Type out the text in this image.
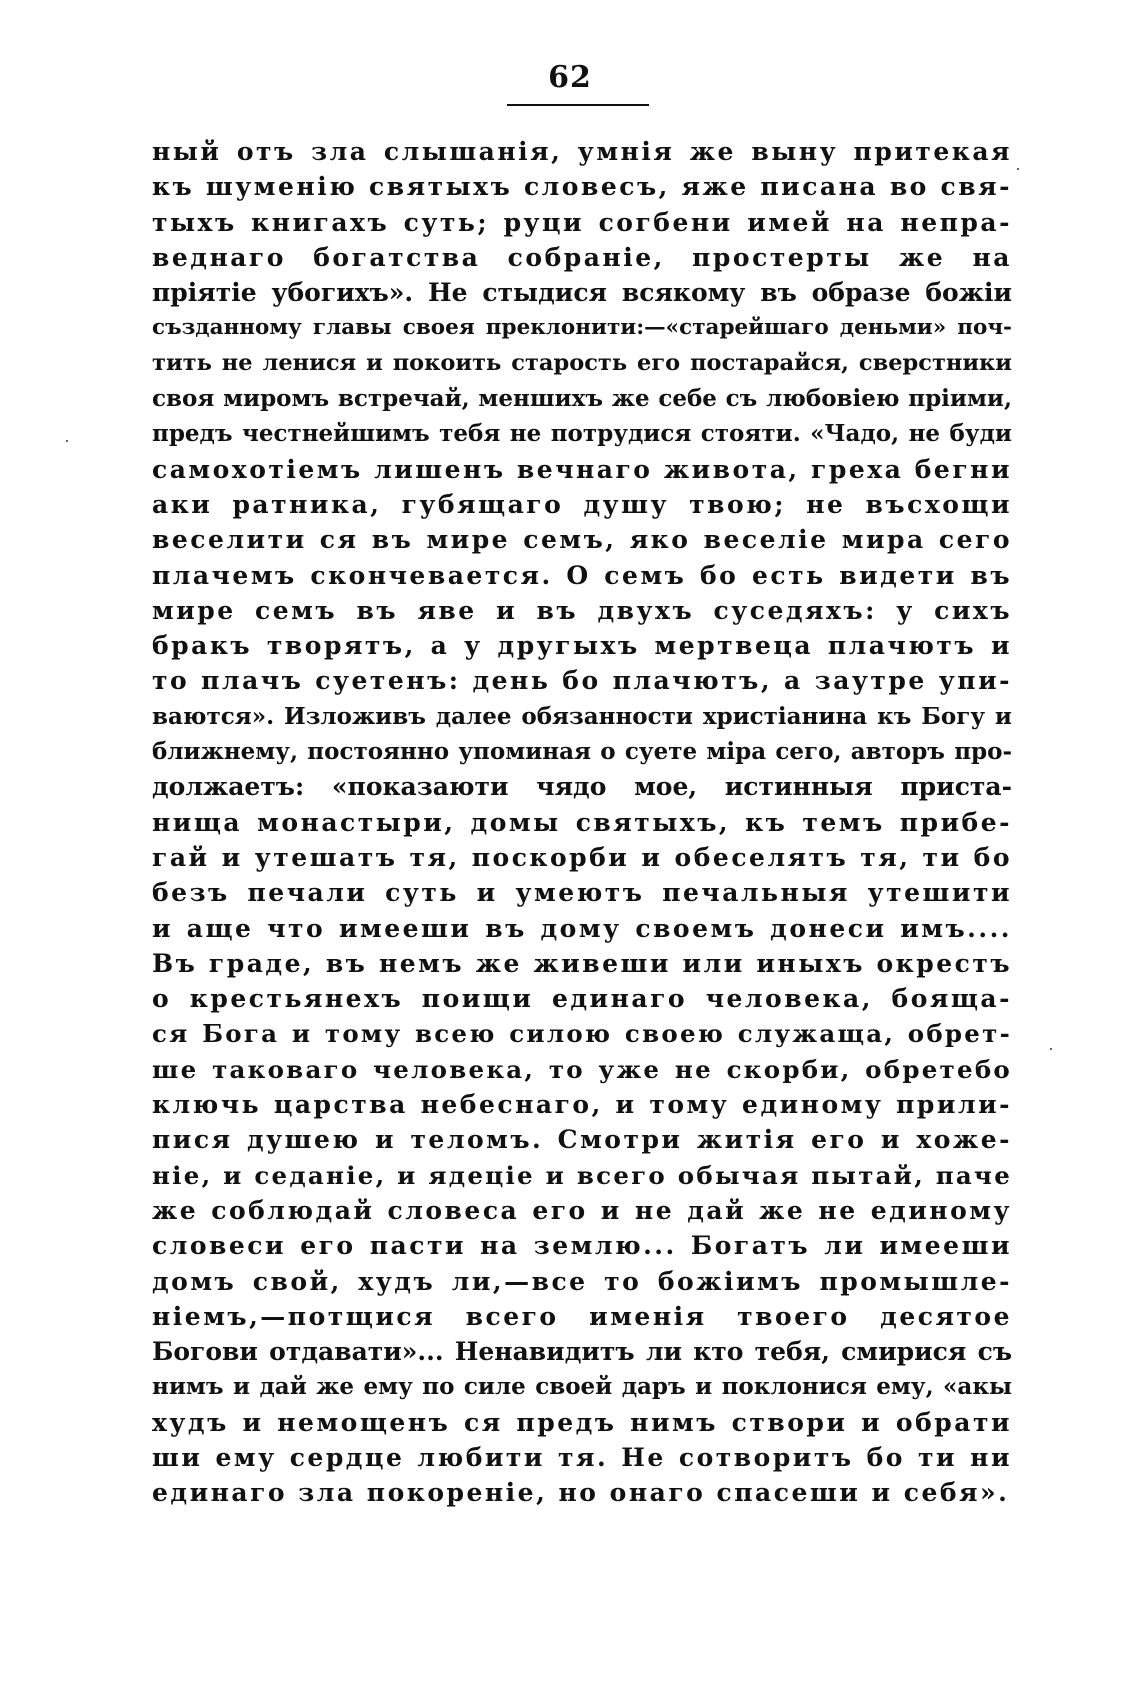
62
ный отъ зла слышанія, умнія же выну притекая
къ шуменію святыхъ словесъ, яже писана во свя-
тыхъ книгахъ суть; руци согбени имей на непра-
веднаго богатства собраніе, простерты же на
пріятіе убогихъ». Не стыдися всякому въ образе божіи
създанному главы своея преклонити:—«старейшаго деньми» поч-
тить не ленися и покоить старость его постарайся, сверстники
своя миромъ встречай, меншихъ же себе съ любовіею пріими,
предъ честнейшимъ тебя не потрудися стояти. «Чадо, не буди
самохотіемъ лишенъ вечнаго живота, греха бегни
аки ратника, губящаго душу твою; не въсхощи
веселити ся въ мире семъ, яко веселіе мира сего
плачемъ скончевается. О семъ бо есть видети въ
мире семъ въ яве и въ двухъ суседяхъ: у сихъ
бракъ творятъ, а у другыхъ мертвеца плачютъ и
то плачъ суетенъ: день бо плачютъ, а заутре упи-
ваются». Изложивъ далее обязанности христіанина къ Богу и
ближнему, постоянно упоминая о суете міра сего, авторъ про-
должаетъ: «показаюти чядо мое, истинныя приста-
нища монастыри, домы святыхъ, къ темъ прибе-
гай и утешатъ тя, поскорби и обеселятъ тя, ти бо
безъ печали суть и умеютъ печальныя утешити
и аще что имееши въ дому своемъ донеси имъ....
Въ граде, въ немъ же живеши или иныхъ окрестъ
о крестьянехъ поищи единаго человека, бояща-
ся Бога и тому всею силою своею служаща, обрет-
ше таковаго человека, то уже не скорби, обретебо
ключь царства небеснаго, и тому единому прили-
пися душею и теломъ. Смотри житія его и хоже-
ніе, и седаніе, и ядеціе и всего обычая пытай, паче
же соблюдай словеса его и не дай же не единому
словеси его пасти на землю... Богатъ ли имееши
домъ свой, худъ ли,—все то божіимъ промышле-
ніемъ,—потщися всего именія твоего десятое
Богови отдавати»... Ненавидитъ ли кто тебя, смирися съ
нимъ и дай же ему по силе своей даръ и поклонися ему, «акы
худъ и немощенъ ся предъ нимъ створи и обрати
ши ему сердце любити тя. Не сотворитъ бо ти ни
единаго зла покореніе, но онаго спасеши и себя».
